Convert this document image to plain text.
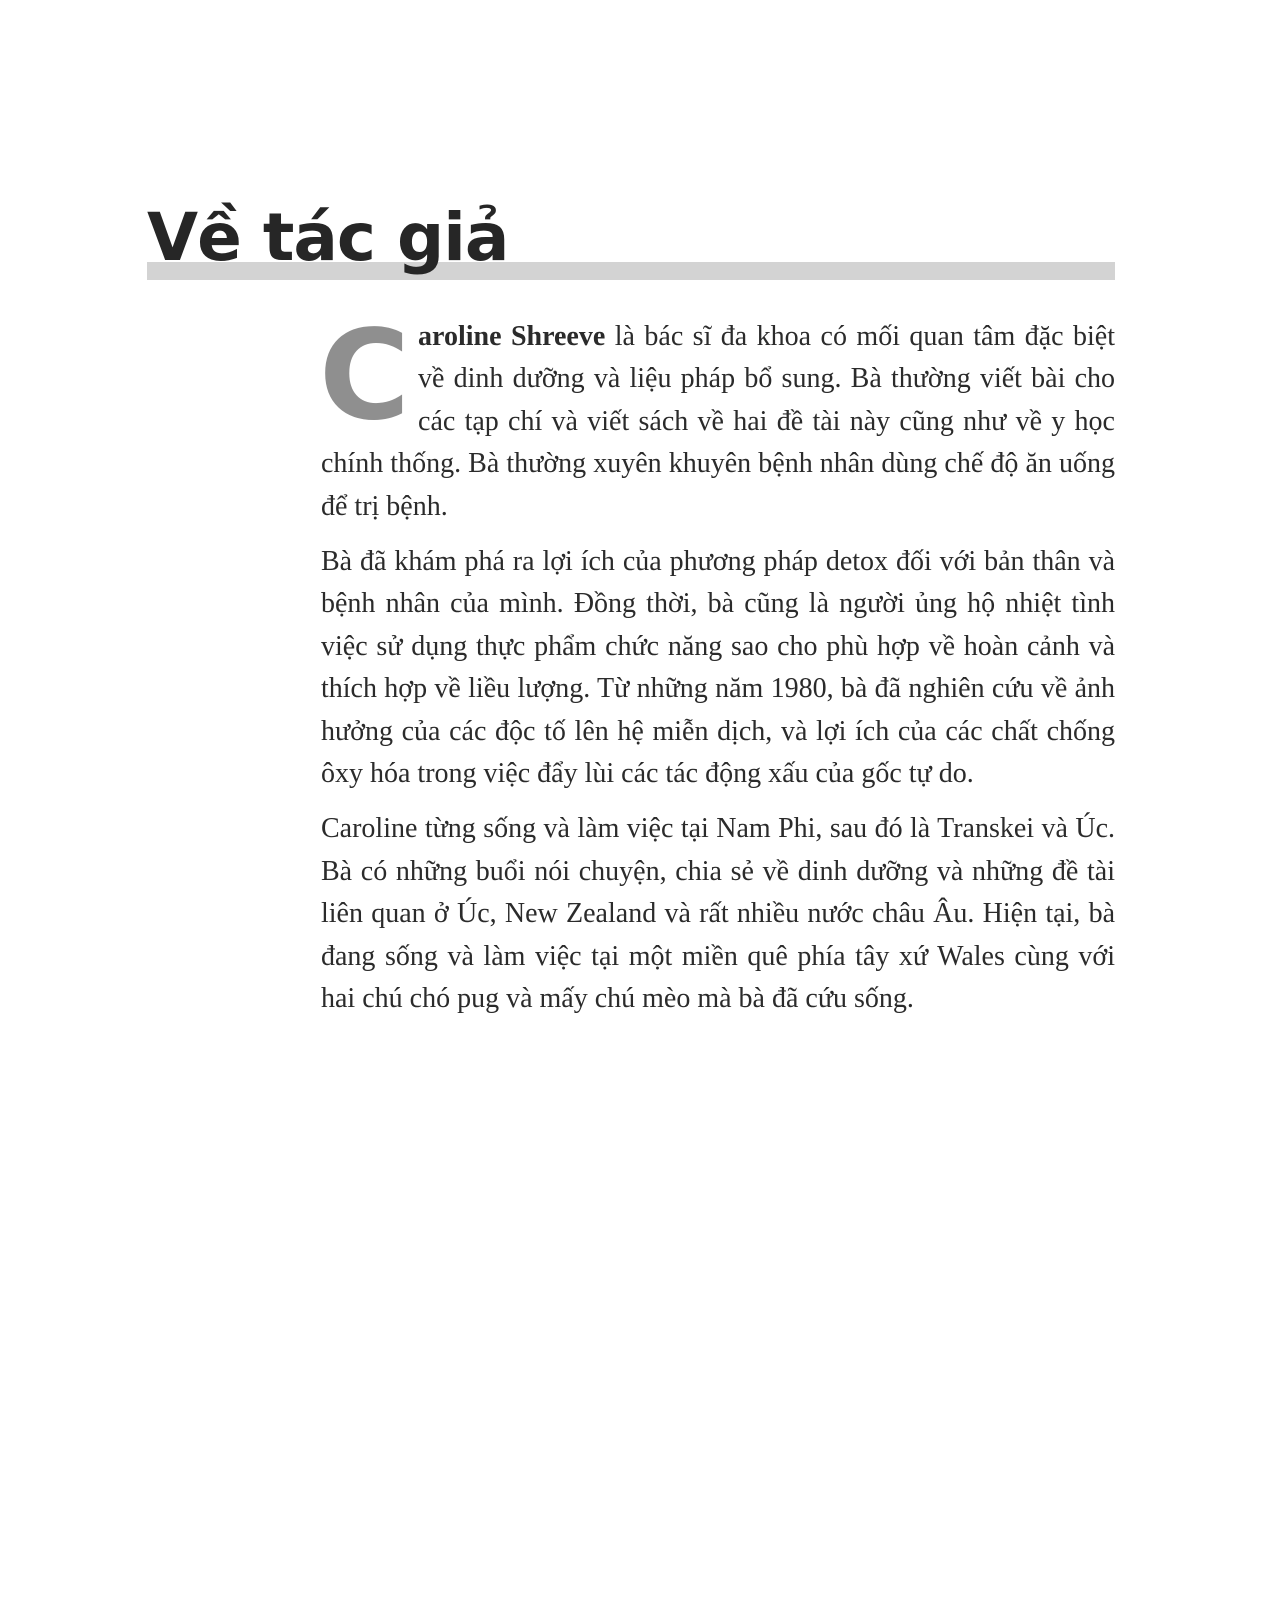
Về tác giả

Caroline Shreeve là bác sĩ đa khoa có mối quan tâm đặc biệt về dinh dưỡng và liệu pháp bổ sung. Bà thường viết bài cho các tạp chí và viết sách về hai đề tài này cũng như về y học chính thống. Bà thường xuyên khuyên bệnh nhân dùng chế độ ăn uống để trị bệnh.

Bà đã khám phá ra lợi ích của phương pháp detox đối với bản thân và bệnh nhân của mình. Đồng thời, bà cũng là người ủng hộ nhiệt tình việc sử dụng thực phẩm chức năng sao cho phù hợp về hoàn cảnh và thích hợp về liều lượng. Từ những năm 1980, bà đã nghiên cứu về ảnh hưởng của các độc tố lên hệ miễn dịch, và lợi ích của các chất chống ôxy hóa trong việc đẩy lùi các tác động xấu của gốc tự do.

Caroline từng sống và làm việc tại Nam Phi, sau đó là Transkei và Úc. Bà có những buổi nói chuyện, chia sẻ về dinh dưỡng và những đề tài liên quan ở Úc, New Zealand và rất nhiều nước châu Âu. Hiện tại, bà đang sống và làm việc tại một miền quê phía tây xứ Wales cùng với hai chú chó pug và mấy chú mèo mà bà đã cứu sống.
